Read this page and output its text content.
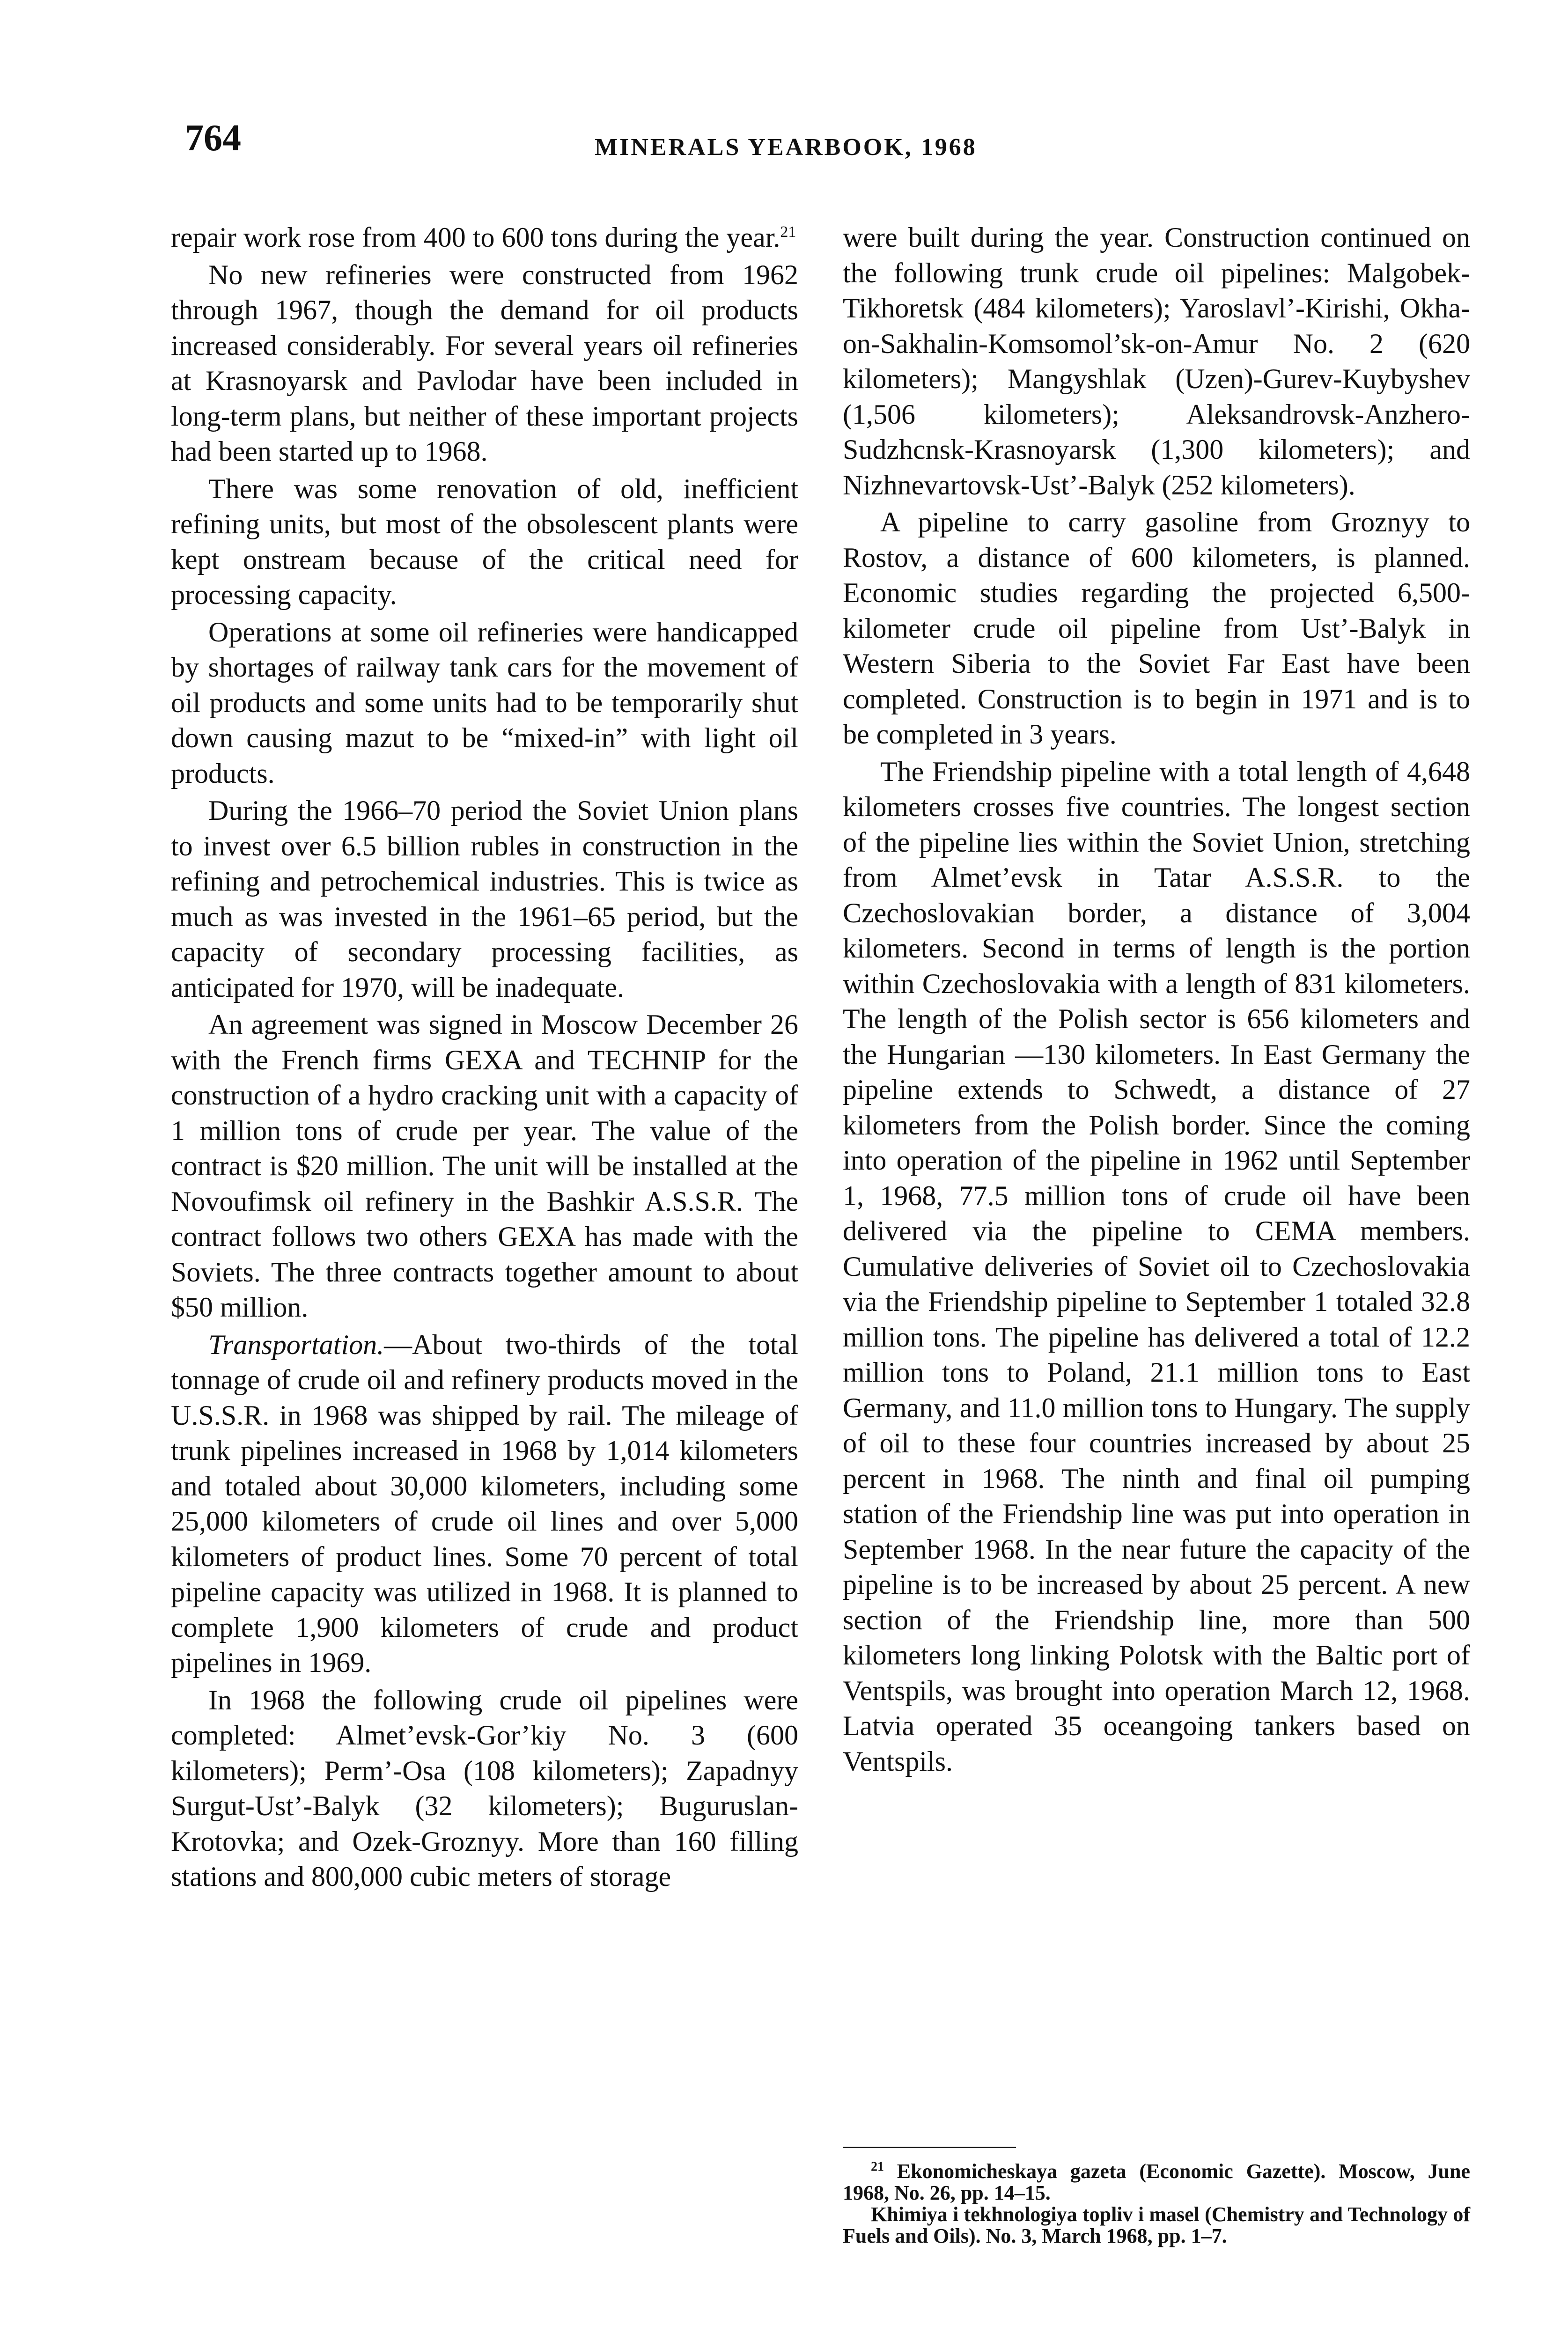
764	MINERALS YEARBOOK, 1968

repair work rose from 400 to 600 tons during the year.$^{21}$

No new refineries were constructed from 1962 through 1967, though the demand for oil products increased considerably. For several years oil refineries at Krasnoyarsk and Pavlodar have been included in long-term plans, but neither of these important projects had been started up to 1968.

There was some renovation of old, inefficient refining units, but most of the obsolescent plants were kept onstream because of the critical need for processing capacity.

Operations at some oil refineries were handicapped by shortages of railway tank cars for the movement of oil products and some units had to be temporarily shut down causing mazut to be “mixed-in” with light oil products.

During the 1966–70 period the Soviet Union plans to invest over 6.5 billion rubles in construction in the refining and petrochemical industries. This is twice as much as was invested in the 1961–65 period, but the capacity of secondary processing facilities, as anticipated for 1970, will be inadequate.

An agreement was signed in Moscow December 26 with the French firms GEXA and TECHNIP for the construction of a hydro cracking unit with a capacity of 1 million tons of crude per year. The value of the contract is $20 million. The unit will be installed at the Novoufimsk oil refinery in the Bashkir A.S.S.R. The contract follows two others GEXA has made with the Soviets. The three contracts together amount to about $50 million.

Transportation.—About two-thirds of the total tonnage of crude oil and refinery products moved in the U.S.S.R. in 1968 was shipped by rail. The mileage of trunk pipelines increased in 1968 by 1,014 kilometers and totaled about 30,000 kilometers, including some 25,000 kilometers of crude oil lines and over 5,000 kilometers of product lines. Some 70 percent of total pipeline capacity was utilized in 1968. It is planned to complete 1,900 kilometers of crude and product pipelines in 1969.

In 1968 the following crude oil pipelines were completed: Almet’evsk-Gor’kiy No. 3 (600 kilometers); Perm’-Osa (108 kilometers); Zapadnyy Surgut-Ust’-Balyk (32 kilometers); Buguruslan-Krotovka; and Ozek-Groznyy. More than 160 filling stations and 800,000 cubic meters of storage

were built during the year. Construction continued on the following trunk crude oil pipelines: Malgobek-Tikhoretsk (484 kilometers); Yaroslavl’-Kirishi, Okha-on-Sakhalin-Komsomol’sk-on-Amur No. 2 (620 kilometers); Mangyshlak (Uzen)-Gurev-Kuybyshev (1,506 kilometers); Aleksandrovsk-Anzhero-Sudzhcnsk-Krasnoyarsk (1,300 kilometers); and Nizhnevartovsk-Ust’-Balyk (252 kilometers).

A pipeline to carry gasoline from Groznyy to Rostov, a distance of 600 kilometers, is planned. Economic studies regarding the projected 6,500-kilometer crude oil pipeline from Ust’-Balyk in Western Siberia to the Soviet Far East have been completed. Construction is to begin in 1971 and is to be completed in 3 years.

The Friendship pipeline with a total length of 4,648 kilometers crosses five countries. The longest section of the pipeline lies within the Soviet Union, stretching from Almet’evsk in Tatar A.S.S.R. to the Czechoslovakian border, a distance of 3,004 kilometers. Second in terms of length is the portion within Czechoslovakia with a length of 831 kilometers. The length of the Polish sector is 656 kilometers and the Hungarian —130 kilometers. In East Germany the pipeline extends to Schwedt, a distance of 27 kilometers from the Polish border. Since the coming into operation of the pipeline in 1962 until September 1, 1968, 77.5 million tons of crude oil have been delivered via the pipeline to CEMA members. Cumulative deliveries of Soviet oil to Czechoslovakia via the Friendship pipeline to September 1 totaled 32.8 million tons. The pipeline has delivered a total of 12.2 million tons to Poland, 21.1 million tons to East Germany, and 11.0 million tons to Hungary. The supply of oil to these four countries increased by about 25 percent in 1968. The ninth and final oil pumping station of the Friendship line was put into operation in September 1968. In the near future the capacity of the pipeline is to be increased by about 25 percent. A new section of the Friendship line, more than 500 kilometers long linking Polotsk with the Baltic port of Ventspils, was brought into operation March 12, 1968. Latvia operated 35 oceangoing tankers based on Ventspils.

$^{21}$ Ekonomicheskaya gazeta (Economic Gazette). Moscow, June 1968, No. 26, pp. 14–15.

Khimiya i tekhnologiya topliv i masel (Chemistry and Technology of Fuels and Oils). No. 3, March 1968, pp. 1–7.
